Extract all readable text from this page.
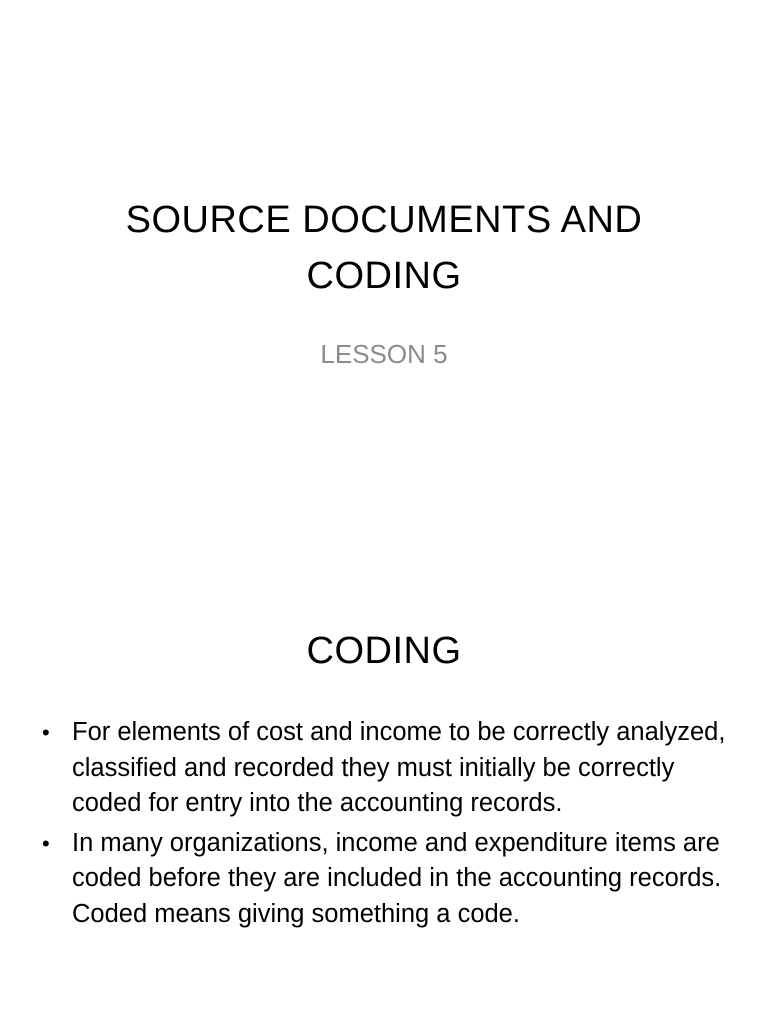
SOURCE DOCUMENTS AND CODING
LESSON 5
CODING
• For elements of cost and income to be correctly analyzed, classified and recorded they must initially be correctly coded for entry into the accounting records.
• In many organizations, income and expenditure items are coded before they are included in the accounting records. Coded means giving something a code.
